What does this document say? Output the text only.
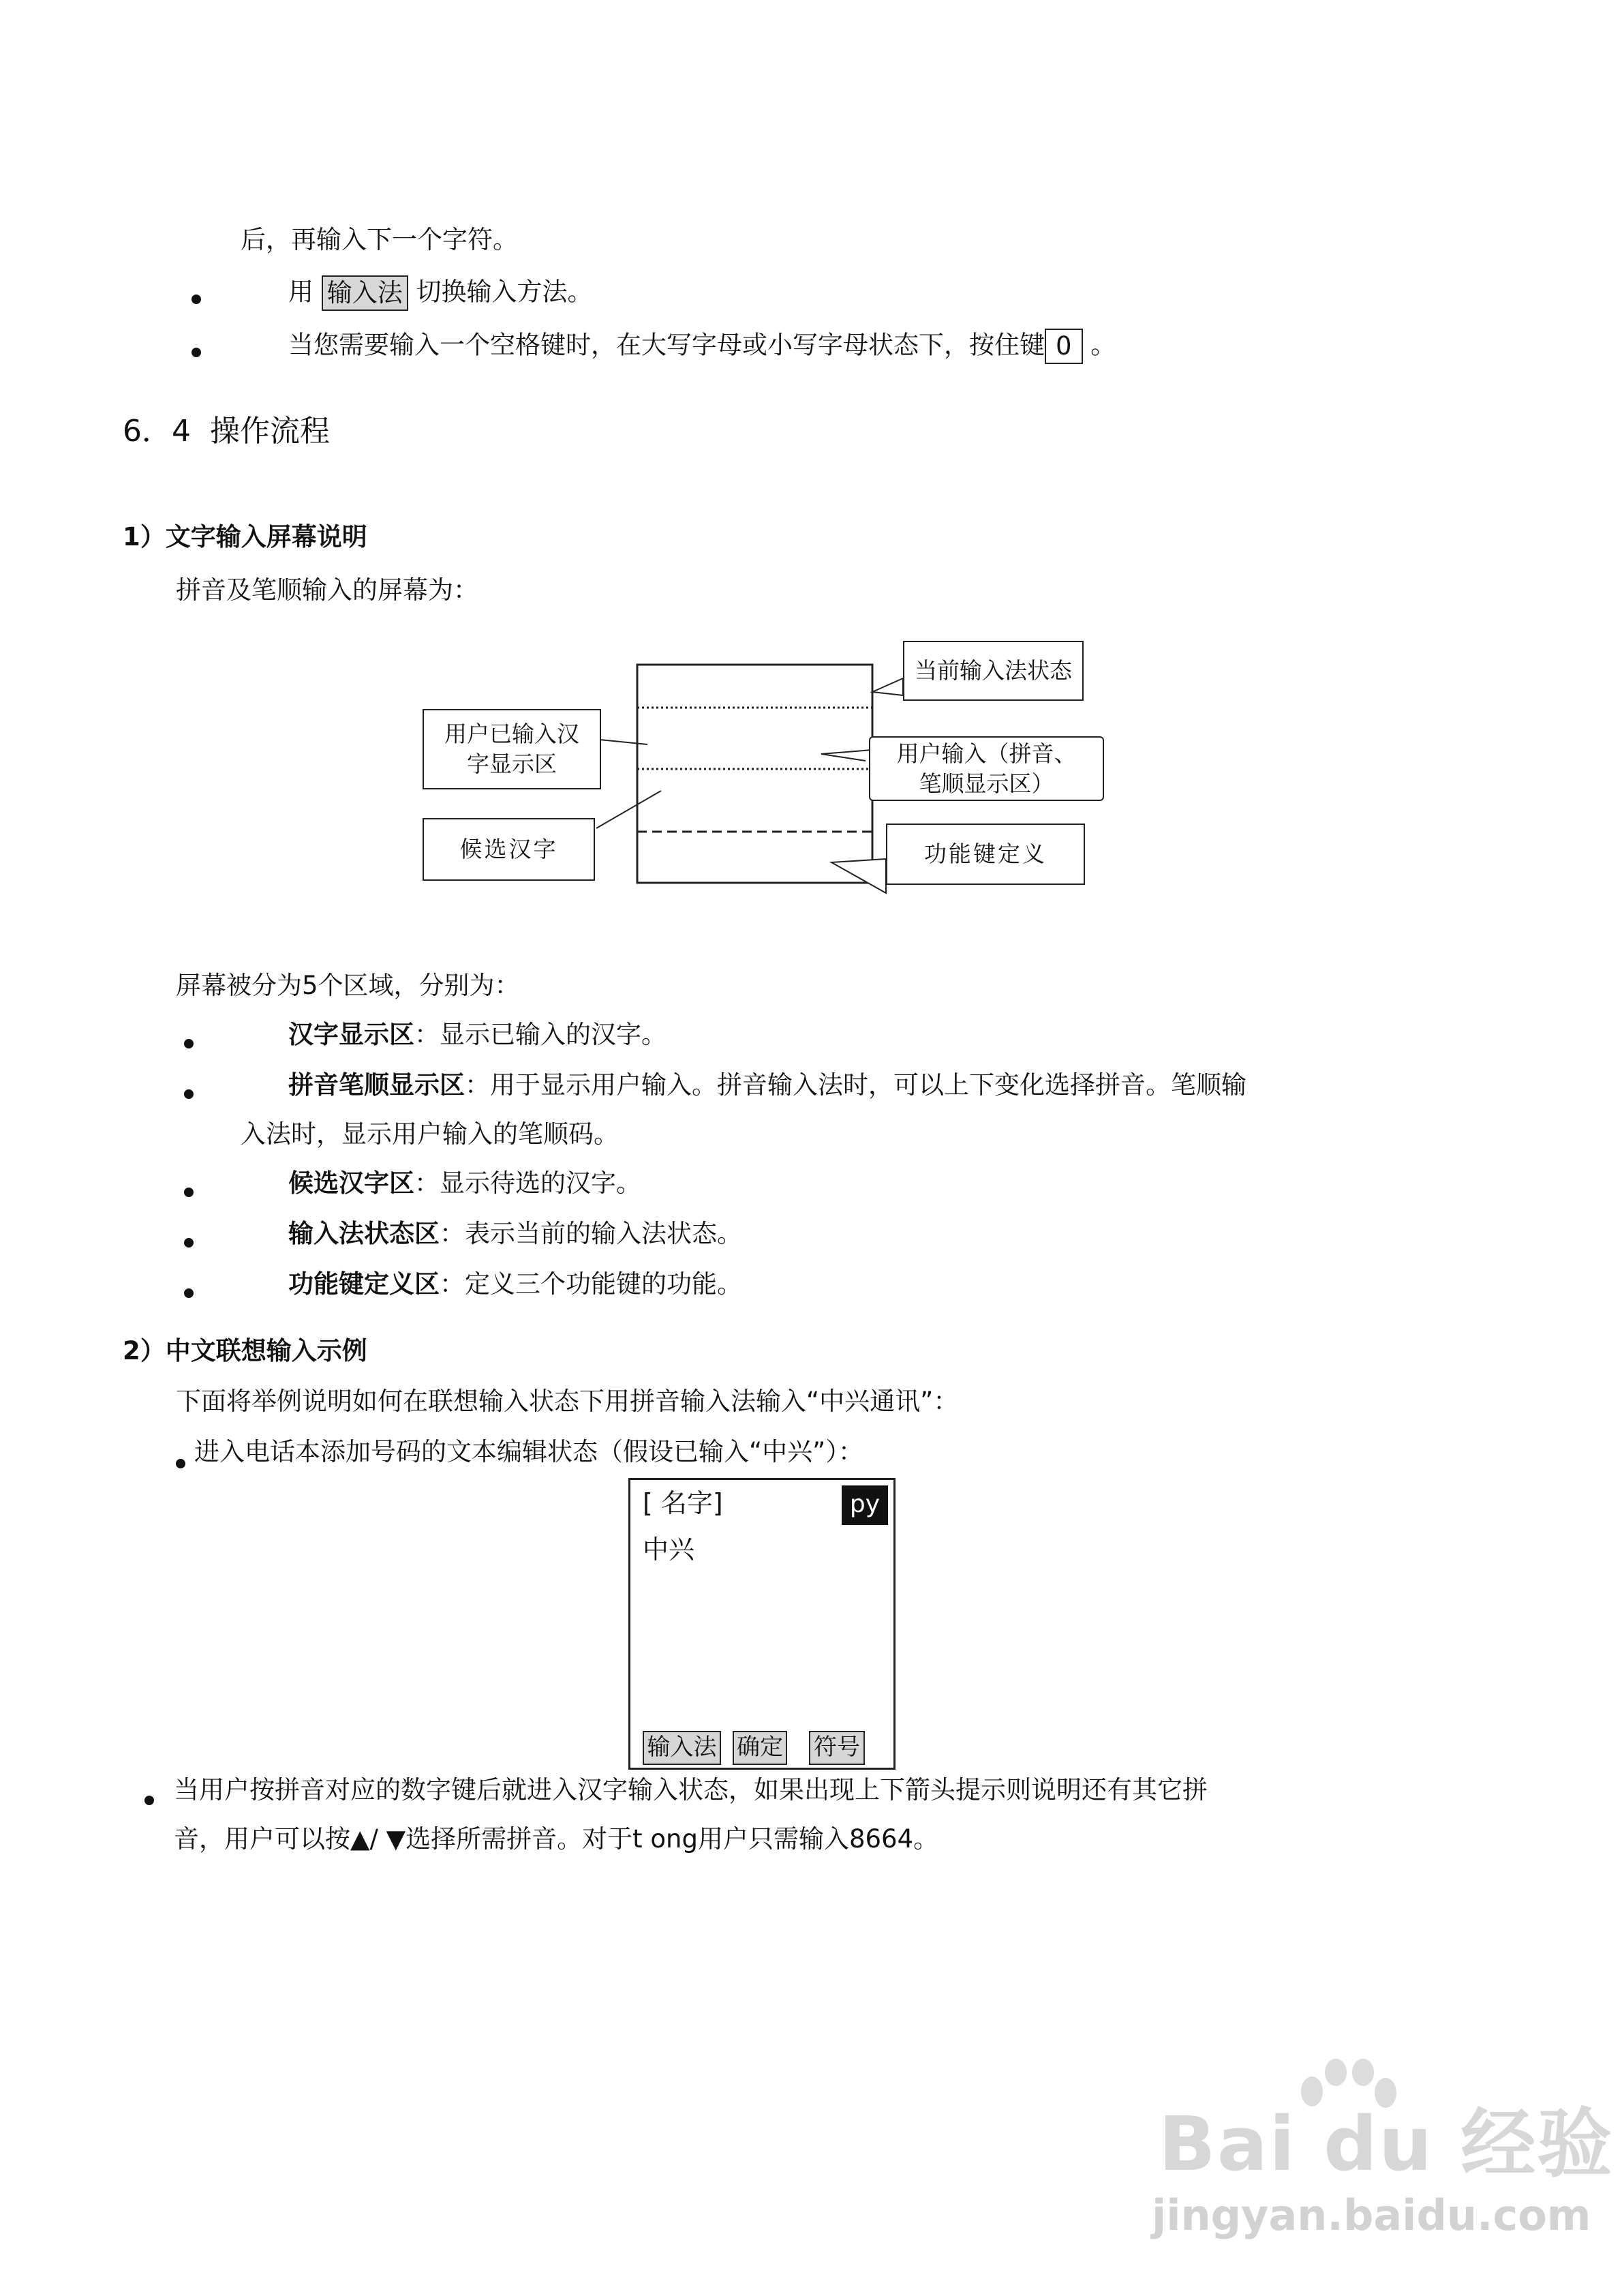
后，再输入下一个字符。
用 输入法 切换输入方法。
当您需要输入一个空格键时，在大写字母或小写字母状态下，按住键 0 。
6．4 操作流程
1）文字输入屏幕说明
拼音及笔顺输入的屏幕为：
当前输入法状态
用户已输入汉
字显示区	用户输入（拼音、
笔顺显示区）
候选汉字	功能键定义
屏幕被分为5个区域，分别为：
汉字显示区：显示已输入的汉字。
拼音笔顺显示区：用于显示用户输入。拼音输入法时，可以上下变化选择拼音。笔顺输
入法时，显示用户输入的笔顺码。
候选汉字区：显示待选的汉字。
输入法状态区：表示当前的输入法状态。
功能键定义区：定义三个功能键的功能。
2）中文联想输入示例
下面将举例说明如何在联想输入状态下用拼音输入法输入“中兴通讯”：
进入电话本添加号码的文本编辑状态（假设已输入“中兴”）：
[ 名字]	py
中兴
输入法 确定 符号
当用户按拼音对应的数字键后就进入汉字输入状态，如果出现上下箭头提示则说明还有其它拼
音，用户可以按▲/ ▼选择所需拼音。对于t ong用户只需输入8664。
Bai du 经验
jingyan.baidu.com
